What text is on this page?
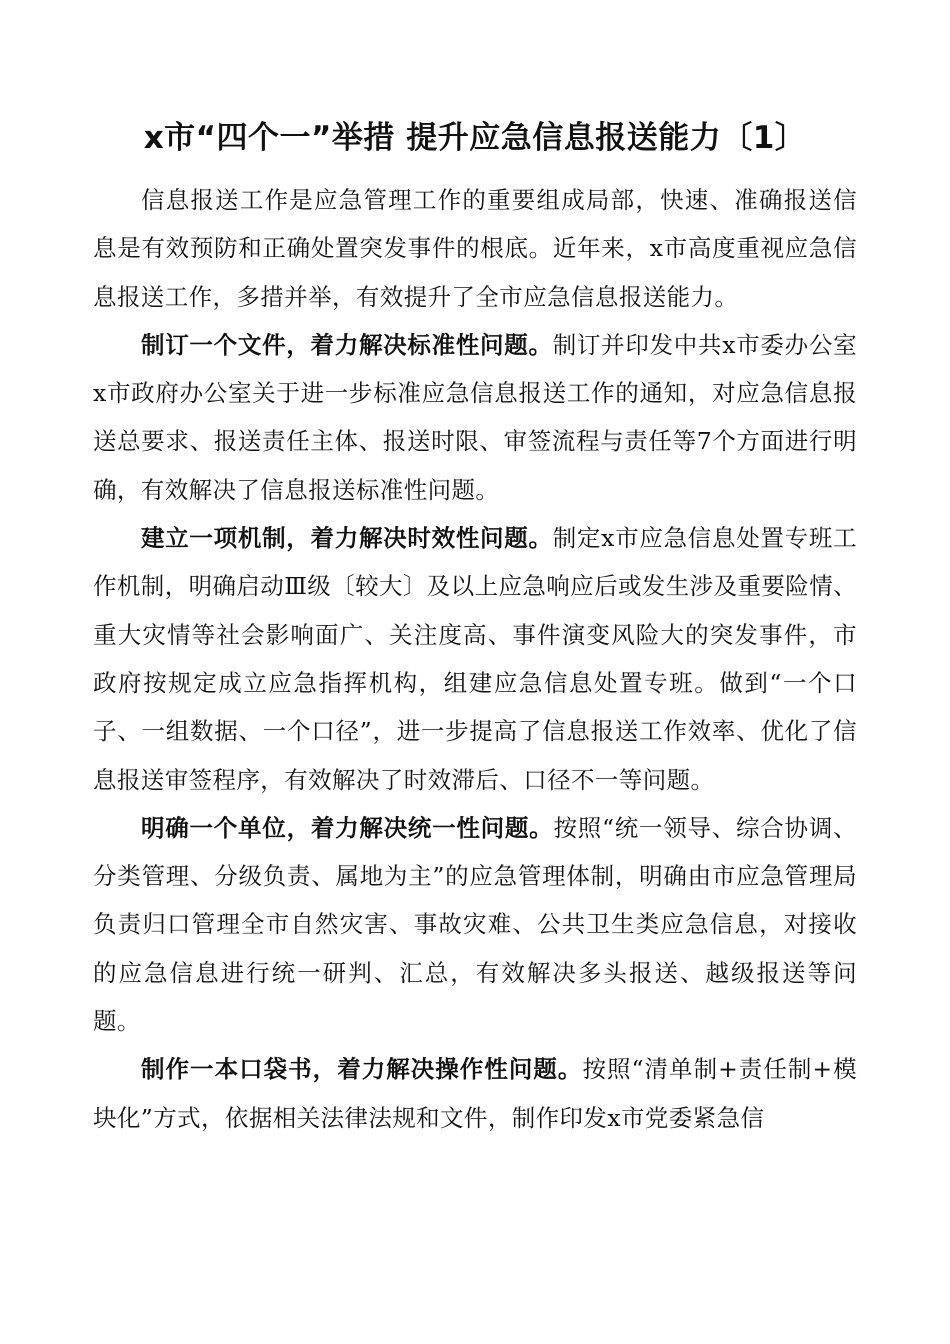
x市“四个一”举措 提升应急信息报送能力〔1〕

信息报送工作是应急管理工作的重要组成局部，快速、准确报送信息是有效预防和正确处置突发事件的根底。近年来，x市高度重视应急信息报送工作，多措并举，有效提升了全市应急信息报送能力。

制订一个文件，着力解决标准性问题。制订并印发中共x市委办公室 x市政府办公室关于进一步标准应急信息报送工作的通知，对应急信息报送总要求、报送责任主体、报送时限、审签流程与责任等7个方面进行明确，有效解决了信息报送标准性问题。

建立一项机制，着力解决时效性问题。制定x市应急信息处置专班工作机制，明确启动Ⅲ级〔较大〕及以上应急响应后或发生涉及重要险情、重大灾情等社会影响面广、关注度高、事件演变风险大的突发事件，市政府按规定成立应急指挥机构，组建应急信息处置专班。做到“一个口子、一组数据、一个口径”，进一步提高了信息报送工作效率、优化了信息报送审签程序，有效解决了时效滞后、口径不一等问题。

明确一个单位，着力解决统一性问题。按照“统一领导、综合协调、分类管理、分级负责、属地为主”的应急管理体制，明确由市应急管理局负责归口管理全市自然灾害、事故灾难、公共卫生类应急信息，对接收的应急信息进行统一研判、汇总，有效解决多头报送、越级报送等问题。

制作一本口袋书，着力解决操作性问题。按照“清单制+责任制+模块化”方式，依据相关法律法规和文件，制作印发x市党委紧急信
